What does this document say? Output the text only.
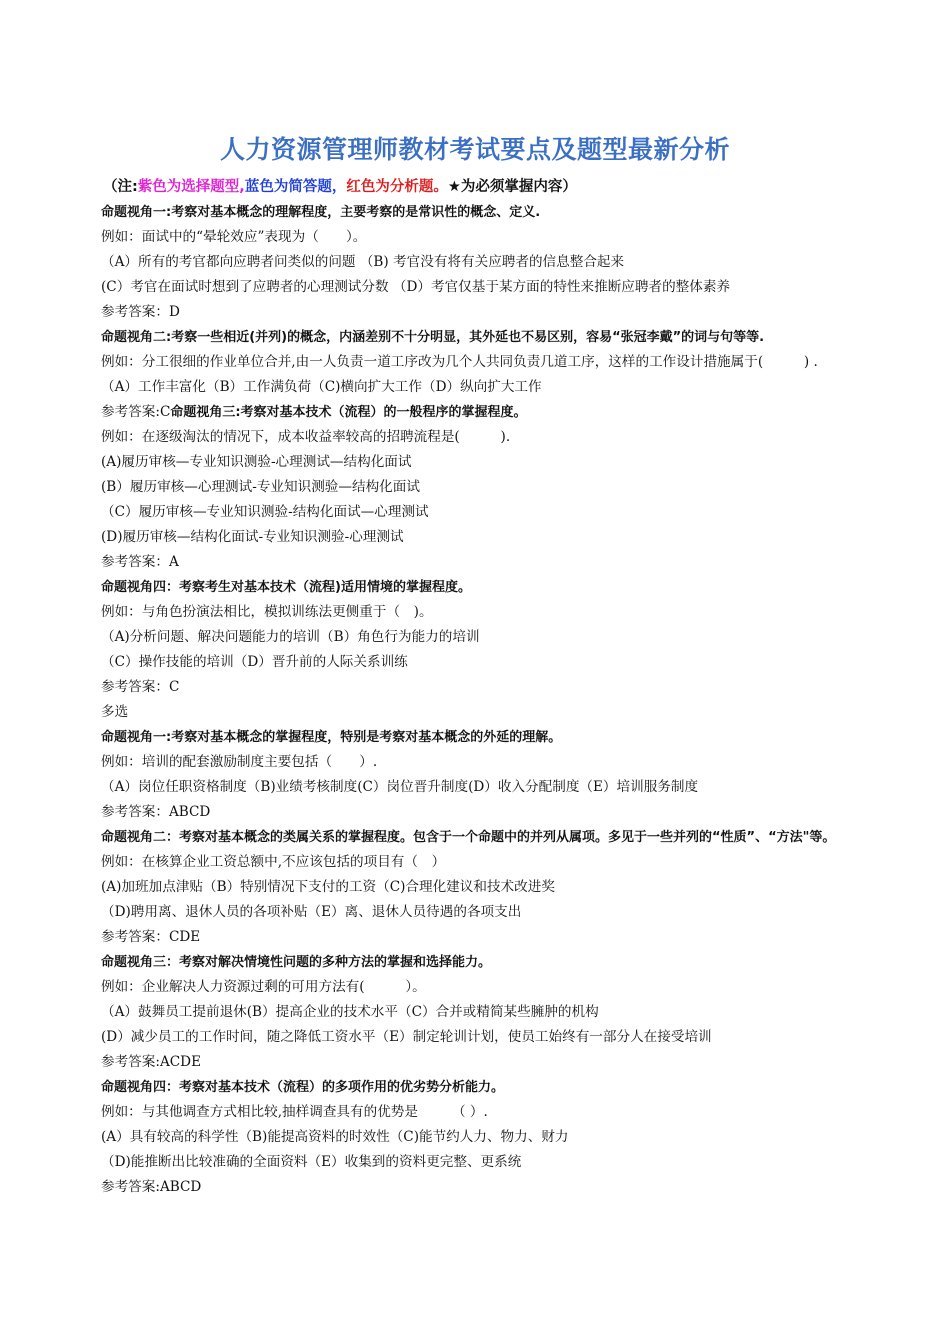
人力资源管理师教材考试要点及题型最新分析
（注:紫色为选择题型,蓝色为简答题，红色为分析题。★为必须掌握内容）
命题视角一:考察对基本概念的理解程度，主要考察的是常识性的概念、定义.
例如：面试中的“晕轮效应”表现为（　　）。
（A）所有的考官都向应聘者问类似的问题 （B) 考官没有将有关应聘者的信息整合起来
(C）考官在面试时想到了应聘者的心理测试分数 （D）考官仅基于某方面的特性来推断应聘者的整体素养
参考答案：D
命题视角二:考察一些相近(并列)的概念，内涵差别不十分明显，其外延也不易区别，容易“张冠李戴”的词与句等等.
例如：分工很细的作业单位合并,由一人负责一道工序改为几个人共同负责几道工序，这样的工作设计措施属于(　　　) .
（A）工作丰富化（B）工作满负荷（C)横向扩大工作（D）纵向扩大工作
参考答案:C命题视角三:考察对基本技术（流程）的一般程序的掌握程度。
例如：在逐级淘汰的情况下，成本收益率较高的招聘流程是(　　　).
(A)履历审核—专业知识测验-心理测试—结构化面试
(B）履历审核—心理测试-专业知识测验—结构化面试
（C）履历审核—专业知识测验-结构化面试—心理测试
(D)履历审核—结构化面试-专业知识测验-心理测试
参考答案：A
命题视角四：考察考生对基本技术（流程)适用情境的掌握程度。
例如：与角色扮演法相比，模拟训练法更侧重于（　)。
（A)分析问题、解决问题能力的培训（B）角色行为能力的培训
（C）操作技能的培训（D）晋升前的人际关系训练
参考答案：C
多选
命题视角一:考察对基本概念的掌握程度，特别是考察对基本概念的外延的理解。
例如：培训的配套激励制度主要包括（　　）.
（A）岗位任职资格制度（B)业绩考核制度(C）岗位晋升制度(D）收入分配制度（E）培训服务制度
参考答案：ABCD
命题视角二：考察对基本概念的类属关系的掌握程度。包含于一个命题中的并列从属项。多见于一些并列的“性质”、“方法"等。
例如：在核算企业工资总额中,不应该包括的项目有（　）
(A)加班加点津贴（B）特别情况下支付的工资（C)合理化建议和技术改进奖
（D)聘用离、退休人员的各项补贴（E）离、退休人员待遇的各项支出
参考答案：CDE
命题视角三：考察对解决情境性问题的多种方法的掌握和选择能力。
例如：企业解决人力资源过剩的可用方法有(　　　）。
（A）鼓舞员工提前退休(B）提高企业的技术水平（C）合并或精简某些臃肿的机构
(D）减少员工的工作时间，随之降低工资水平（E）制定轮训计划，使员工始终有一部分人在接受培训
参考答案:ACDE
命题视角四：考察对基本技术（流程）的多项作用的优劣势分析能力。
例如：与其他调查方式相比较,抽样调查具有的优势是　　　（ ）.
(A）具有较高的科学性（B)能提高资料的时效性（C)能节约人力、物力、财力
（D)能推断出比较准确的全面资料（E）收集到的资料更完整、更系统
参考答案:ABCD
